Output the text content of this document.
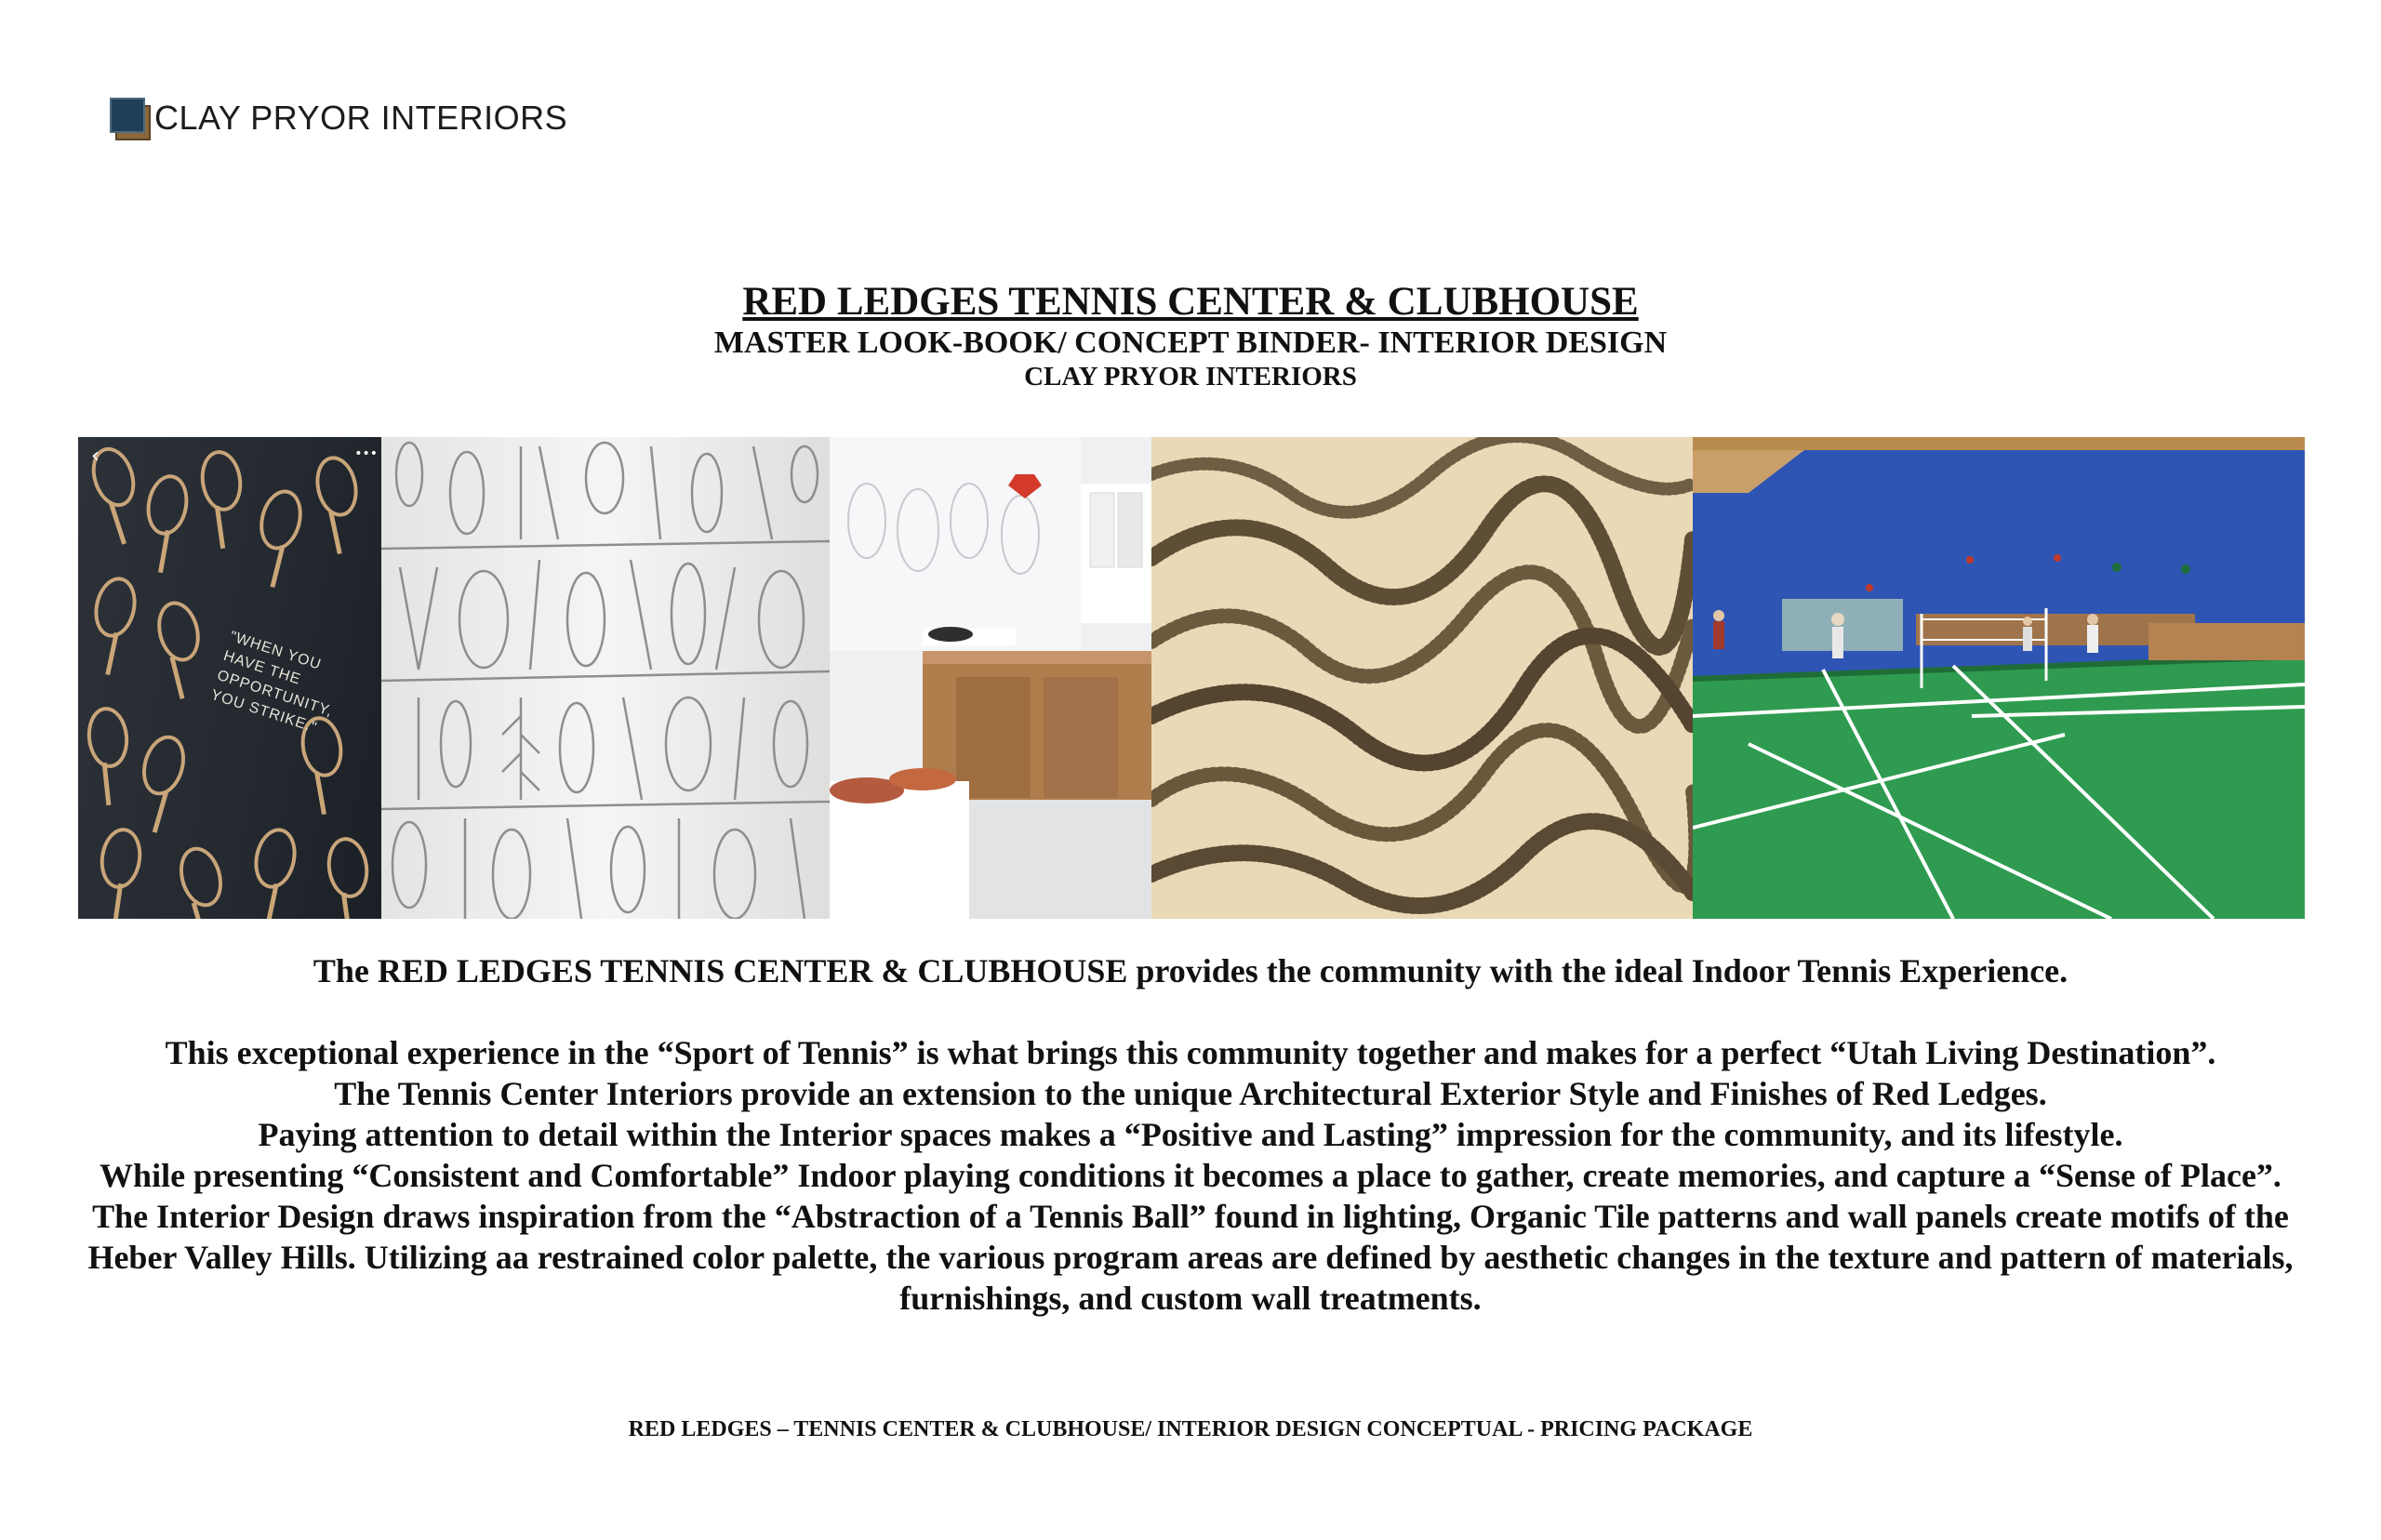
CLAY PRYOR INTERIORS
RED LEDGES TENNIS CENTER & CLUBHOUSE
MASTER LOOK-BOOK/ CONCEPT BINDER- INTERIOR DESIGN
CLAY PRYOR INTERIORS
"WHEN YOU HAVE THE OPPORTUNITY, YOU STRIKE."
‹	•••

The RED LEDGES TENNIS CENTER & CLUBHOUSE provides the community with the ideal Indoor Tennis Experience.

This exceptional experience in the “Sport of Tennis” is what brings this community together and makes for a perfect “Utah Living Destination”.

The Tennis Center Interiors provide an extension to the unique Architectural Exterior Style and Finishes of Red Ledges.

Paying attention to detail within the Interior spaces makes a “Positive and Lasting” impression for the community, and its lifestyle.

While presenting “Consistent and Comfortable” Indoor playing conditions it becomes a place to gather, create memories, and capture a “Sense of Place”.

The Interior Design draws inspiration from the “Abstraction of a Tennis Ball” found in lighting, Organic Tile patterns and wall panels create motifs of the Heber Valley Hills. Utilizing aa restrained color palette, the various program areas are defined by aesthetic changes in the texture and pattern of materials, furnishings, and custom wall treatments.

RED LEDGES – TENNIS CENTER & CLUBHOUSE/ INTERIOR DESIGN CONCEPTUAL - PRICING PACKAGE
